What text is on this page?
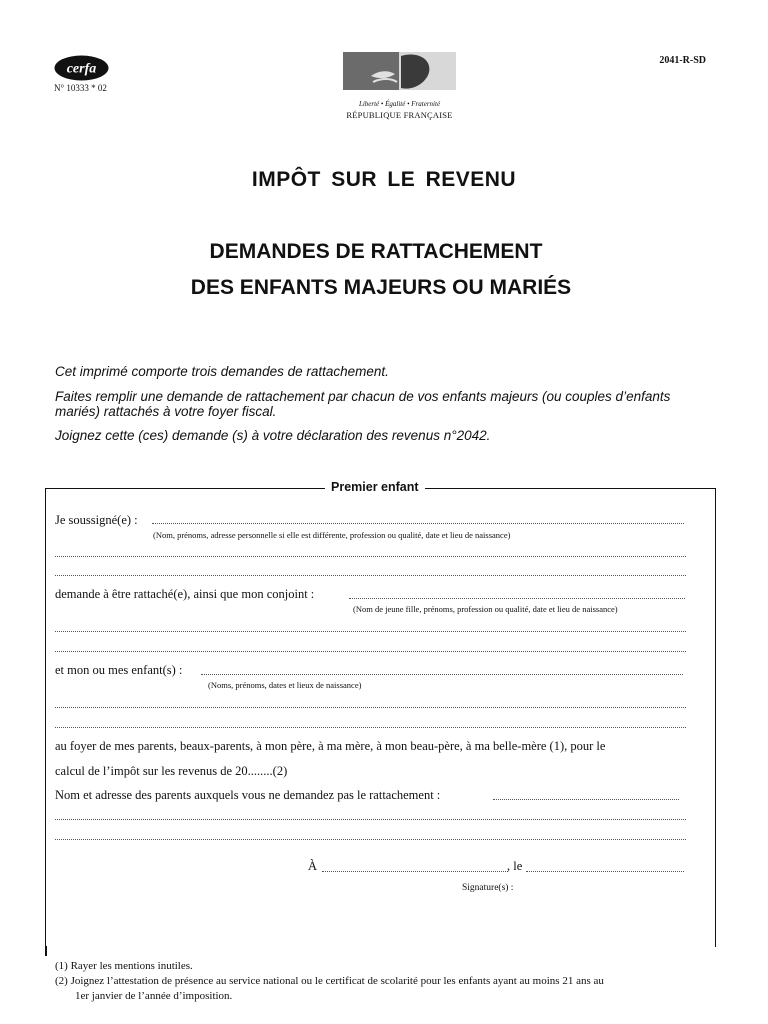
cerfa
N° 10333 * 02
Liberté • Égalité • Fraternité
RÉPUBLIQUE FRANÇAISE
2041-R-SD
IMPÔT SUR LE REVENU
DEMANDES DE RATTACHEMENT
DES ENFANTS MAJEURS OU MARIÉS
Cet imprimé comporte trois demandes de rattachement.
Faites remplir une demande de rattachement par chacun de vos enfants majeurs (ou couples d’enfants mariés) rattachés à votre foyer fiscal.
Joignez cette (ces) demande (s) à votre déclaration des revenus n°2042.
Premier enfant
Je soussigné(e) :
(Nom, prénoms, adresse personnelle si elle est différente, profession ou qualité, date et lieu de naissance)
demande à être rattaché(e), ainsi que mon conjoint :
(Nom de jeune fille, prénoms, profession ou qualité, date et lieu de naissance)
et mon ou mes enfant(s) :
(Noms, prénoms, dates et lieux de naissance)
au foyer de mes parents, beaux-parents, à mon père, à ma mère, à mon beau-père, à ma belle-mère (1), pour le
calcul de l’impôt sur les revenus de 20........(2)
Nom et adresse des parents auxquels vous ne demandez pas le rattachement :
À	, le
Signature(s) :
(1) Rayer les mentions inutiles.
(2) Joignez l’attestation de présence au service national ou le certificat de scolarité pour les enfants ayant au moins 21 ans au
1er janvier de l’année d’imposition.
